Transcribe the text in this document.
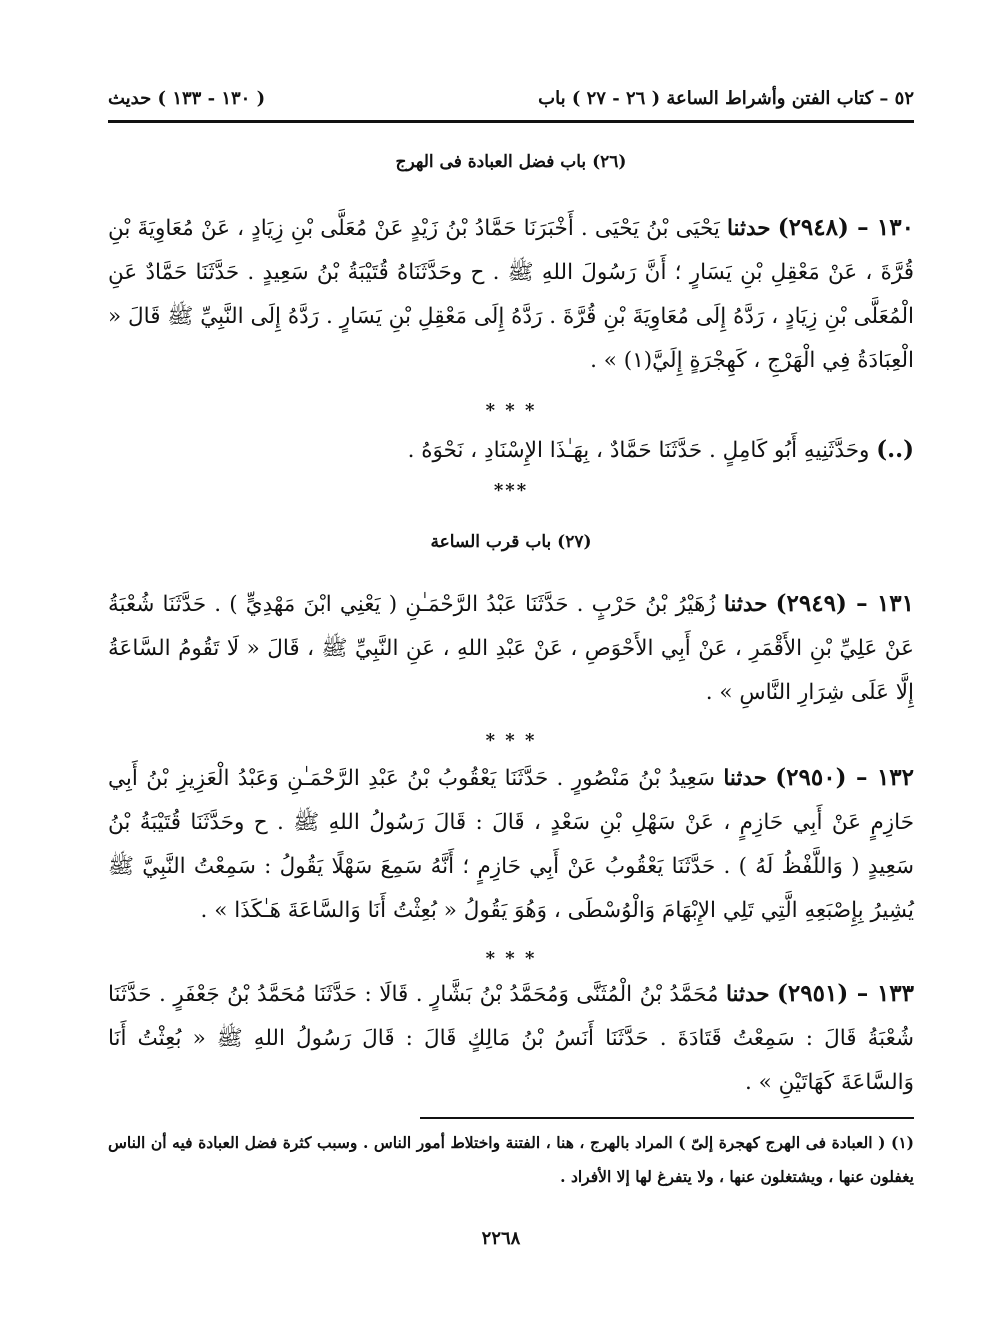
٥٢ – كتاب الفتن وأشراط الساعة ( ٢٦ - ٢٧ ) باب
( ١٣٠ - ١٣٣ ) حديث
(٢٦) باب فضل العبادة فى الهرج
١٣٠ – (٢٩٤٨) حدثنا يَحْيَى بْنُ يَحْيَى . أَخْبَرَنَا حَمَّادُ بْنُ زَيْدٍ عَنْ مُعَلَّى بْنِ زِيَادٍ ، عَنْ مُعَاوِيَةَ بْنِ قُرَّةَ ، عَنْ مَعْقِلِ بْنِ يَسَارٍ ؛ أَنَّ رَسُولَ اللهِ ﷺ . ح وحَدَّثَنَاهُ قُتَيْبَةُ بْنُ سَعِيدٍ . حَدَّثَنَا حَمَّادٌ عَنِ الْمُعَلَّى بْنِ زِيَادٍ ، رَدَّهُ إِلَى مُعَاوِيَةَ بْنِ قُرَّةَ . رَدَّهُ إِلَى مَعْقِلِ بْنِ يَسَارٍ . رَدَّهُ إِلَى النَّبِيِّ ﷺ قَالَ « الْعِبَادَةُ فِي الْهَرْجِ ، كَهِجْرَةٍ إِلَيَّ(١) » .
* * *
(..) وحَدَّثَنِيهِ أَبُو كَامِلٍ . حَدَّثَنَا حَمَّادٌ ، بِهَـٰذَا الإِسْنَادِ ، نَحْوَهُ .
*​*​*
(٢٧) باب قرب الساعة
١٣١ – (٢٩٤٩) حدثنا زُهَيْرُ بْنُ حَرْبٍ . حَدَّثَنَا عَبْدُ الرَّحْمَـٰنِ ( يَعْنِي ابْنَ مَهْدِيٍّ ) . حَدَّثَنَا شُعْبَةُ عَنْ عَلِيِّ بْنِ الأَقْمَرِ ، عَنْ أَبِي الأَحْوَصِ ، عَنْ عَبْدِ اللهِ ، عَنِ النَّبِيِّ ﷺ ، قَالَ « لَا تَقُومُ السَّاعَةُ إِلَّا عَلَى شِرَارِ النَّاسِ » .
* * *
١٣٢ – (٢٩٥٠) حدثنا سَعِيدُ بْنُ مَنْصُورٍ . حَدَّثَنَا يَعْقُوبُ بْنُ عَبْدِ الرَّحْمَـٰنِ وَعَبْدُ الْعَزِيزِ بْنُ أَبِي حَازِمٍ عَنْ أَبِي حَازِمٍ ، عَنْ سَهْلِ بْنِ سَعْدٍ ، قَالَ : قَالَ رَسُولُ اللهِ ﷺ . ح وحَدَّثَنَا قُتَيْبَةُ بْنُ سَعِيدٍ ( وَاللَّفْظُ لَهُ ) . حَدَّثَنَا يَعْقُوبُ عَنْ أَبِي حَازِمٍ ؛ أَنَّهُ سَمِعَ سَهْلًا يَقُولُ : سَمِعْتُ النَّبِيَّ ﷺ يُشِيرُ بِإِصْبَعِهِ الَّتِي تَلِي الإِبْهَامَ وَالْوُسْطَى ، وَهُوَ يَقُولُ « بُعِثْتُ أَنَا وَالسَّاعَةَ هَـٰكَذَا » .
* * *
١٣٣ – (٢٩٥١) حدثنا مُحَمَّدُ بْنُ الْمُثَنَّى وَمُحَمَّدُ بْنُ بَشَّارٍ . قَالَا : حَدَّثَنَا مُحَمَّدُ بْنُ جَعْفَرٍ . حَدَّثَنَا شُعْبَةُ قَالَ : سَمِعْتُ قَتَادَةَ . حَدَّثَنَا أَنَسُ بْنُ مَالِكٍ قَالَ : قَالَ رَسُولُ اللهِ ﷺ « بُعِثْتُ أَنَا وَالسَّاعَةَ كَهَاتَيْنِ » .
(١) ( العبادة فى الهرج كهجرة إلىّ ) المراد بالهرج ، هنا ، الفتنة واختلاط أمور الناس . وسبب كثرة فضل العبادة فيه أن الناس يغفلون عنها ، ويشتغلون عنها ، ولا يتفرغ لها إلا الأفراد .
٢٢٦٨
